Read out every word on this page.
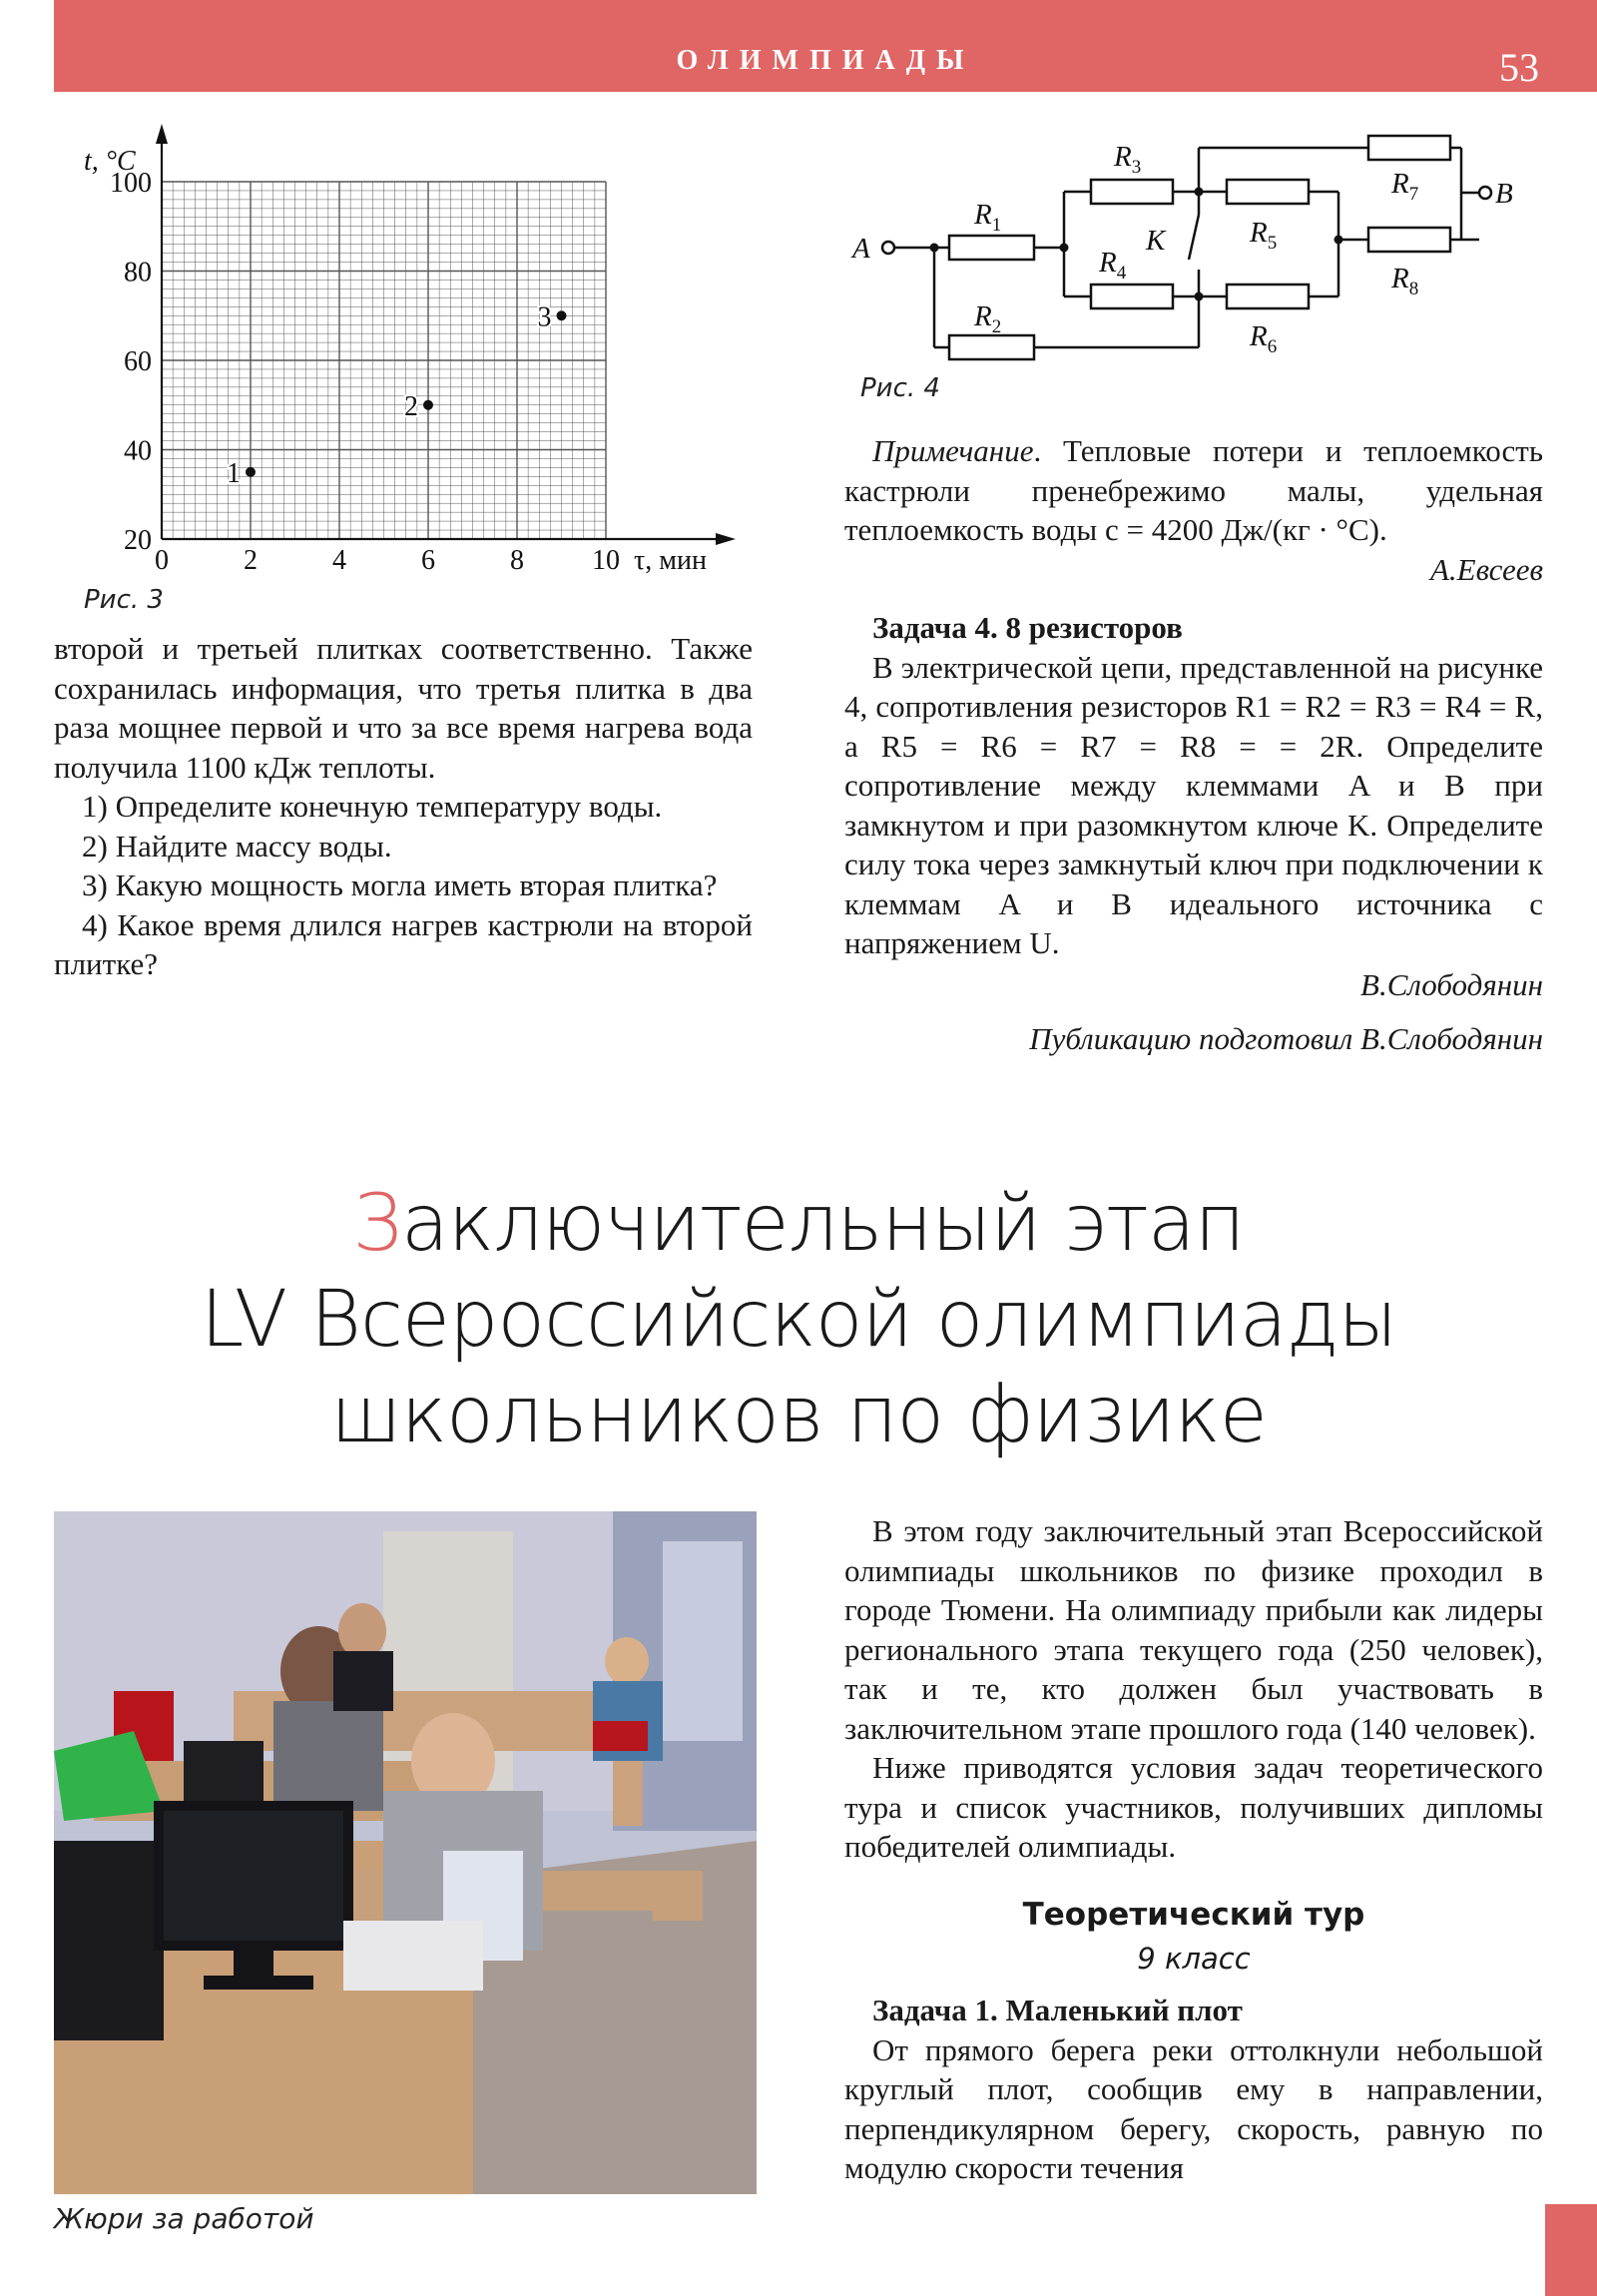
ОЛИМПИАДЫ	53
100
80
60
40
20
0	2	4	6	8 10
t, °C
τ, мин
1
2
3
Рис. 3

второй и третьей плитках соответственно. Также сохранилась информация, что третья плитка в два раза мощнее первой и что за все время нагрева вода получила 1100 кДж теплоты.

1) Определите конечную температуру воды.

2) Найдите массу воды.

3) Какую мощность могла иметь вторая плитка?

4) Какое время длился нагрев кастрюли на второй плитке?

A
B
K
$R_1$
$R_2$
$R_3$
$R_4$
$R_5$
$R_6$
$R_7$
$R_8$
Рис. 4

Примечание. Тепловые потери и теплоемкость кастрюли пренебрежимо малы, удельная теплоемкость воды c = 4200 Дж/(кг · °C).

А.Евсеев
Задача 4. 8 резисторов

В электрической цепи, представленной на рисунке 4, сопротивления резисторов R1 = R2 = R3 = R4 = R, а R5 = R6 = R7 = R8 = = 2R. Определите сопротивление между клеммами A и B при замкнутом и при разомкнутом ключе K. Определите силу тока через замкнутый ключ при подключении к клеммам A и B идеального источника с напряжением U.

В.Слободянин
Публикацию подготовил В.Слободянин
Заключительный этап
LV Всероссийской олимпиады
школьников по физике
Жюри за работой

В этом году заключительный этап Всероссийской олимпиады школьников по физике проходил в городе Тюмени. На олимпиаду прибыли как лидеры регионального этапа текущего года (250 человек), так и те, кто должен был участвовать в заключительном этапе прошлого года (140 человек).

Ниже приводятся условия задач теоретического тура и список участников, получивших дипломы победителей олимпиады.

Теоретический тур
9 класс
Задача 1. Маленький плот

От прямого берега реки оттолкнули небольшой круглый плот, сообщив ему в направлении, перпендикулярном берегу, скорость, равную по модулю скорости течения
